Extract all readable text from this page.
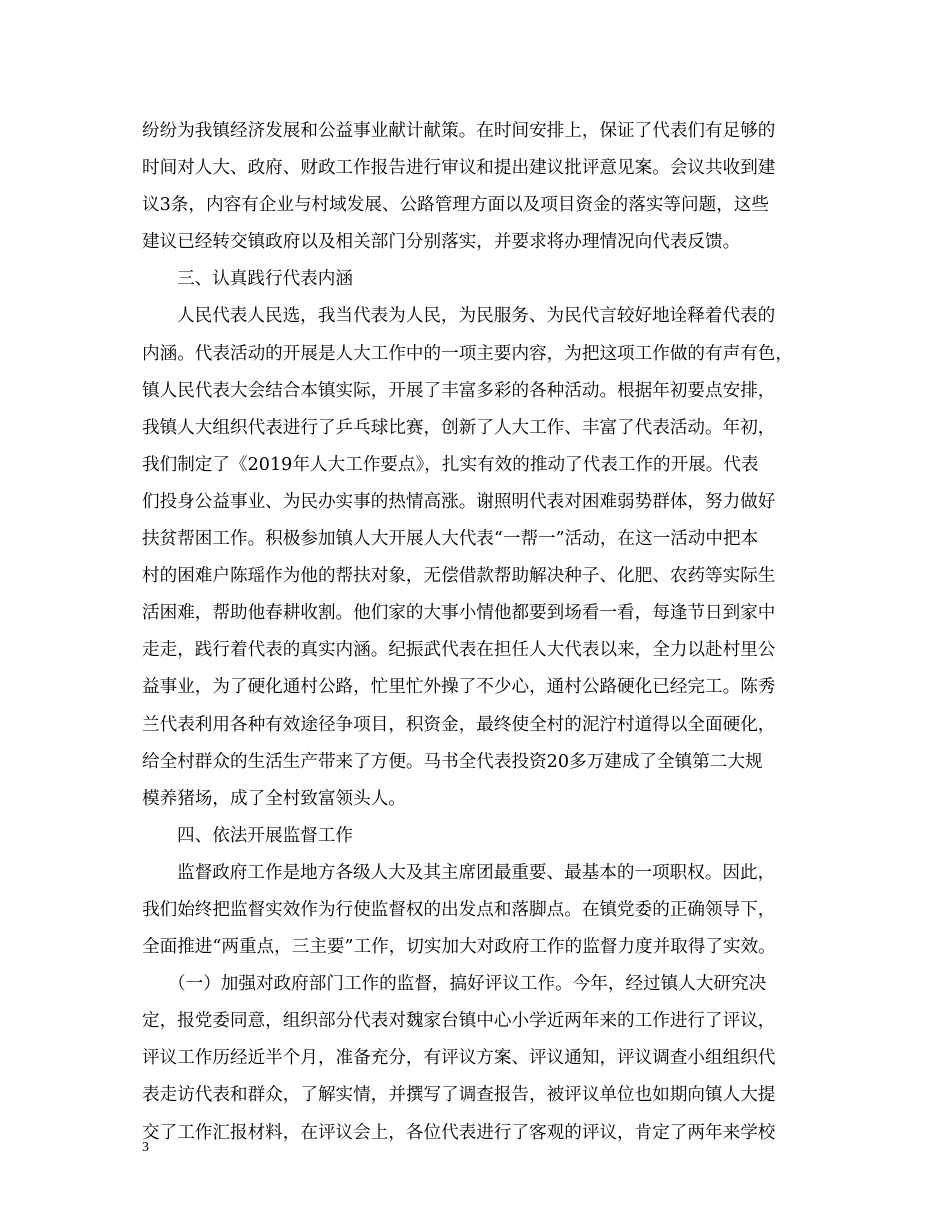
纷纷为我镇经济发展和公益事业献计献策。在时间安排上，保证了代表们有足够的
时间对人大、政府、财政工作报告进行审议和提出建议批评意见案。会议共收到建
议3条，内容有企业与村域发展、公路管理方面以及项目资金的落实等问题，这些
建议已经转交镇政府以及相关部门分别落实，并要求将办理情况向代表反馈。
三、认真践行代表内涵
人民代表人民选，我当代表为人民，为民服务、为民代言较好地诠释着代表的
内涵。代表活动的开展是人大工作中的一项主要内容，为把这项工作做的有声有色，
镇人民代表大会结合本镇实际，开展了丰富多彩的各种活动。根据年初要点安排，
我镇人大组织代表进行了乒乓球比赛，创新了人大工作、丰富了代表活动。年初，
我们制定了《2019年人大工作要点》，扎实有效的推动了代表工作的开展。代表
们投身公益事业、为民办实事的热情高涨。谢照明代表对困难弱势群体，努力做好
扶贫帮困工作。积极参加镇人大开展人大代表“一帮一”活动，在这一活动中把本
村的困难户陈瑶作为他的帮扶对象，无偿借款帮助解决种子、化肥、农药等实际生
活困难，帮助他春耕收割。他们家的大事小情他都要到场看一看，每逢节日到家中
走走，践行着代表的真实内涵。纪振武代表在担任人大代表以来，全力以赴村里公
益事业，为了硬化通村公路，忙里忙外操了不少心，通村公路硬化已经完工。陈秀
兰代表利用各种有效途径争项目，积资金，最终使全村的泥泞村道得以全面硬化，
给全村群众的生活生产带来了方便。马书全代表投资20多万建成了全镇第二大规
模养猪场，成了全村致富领头人。
四、依法开展监督工作
监督政府工作是地方各级人大及其主席团最重要、最基本的一项职权。因此，
我们始终把监督实效作为行使监督权的出发点和落脚点。在镇党委的正确领导下，
全面推进“两重点，三主要”工作，切实加大对政府工作的监督力度并取得了实效。
（一）加强对政府部门工作的监督，搞好评议工作。今年，经过镇人大研究决
定，报党委同意，组织部分代表对魏家台镇中心小学近两年来的工作进行了评议，
评议工作历经近半个月，准备充分，有评议方案、评议通知，评议调查小组组织代
表走访代表和群众，了解实情，并撰写了调查报告，被评议单位也如期向镇人大提
交了工作汇报材料，在评议会上，各位代表进行了客观的评议，肯定了两年来学校
3
